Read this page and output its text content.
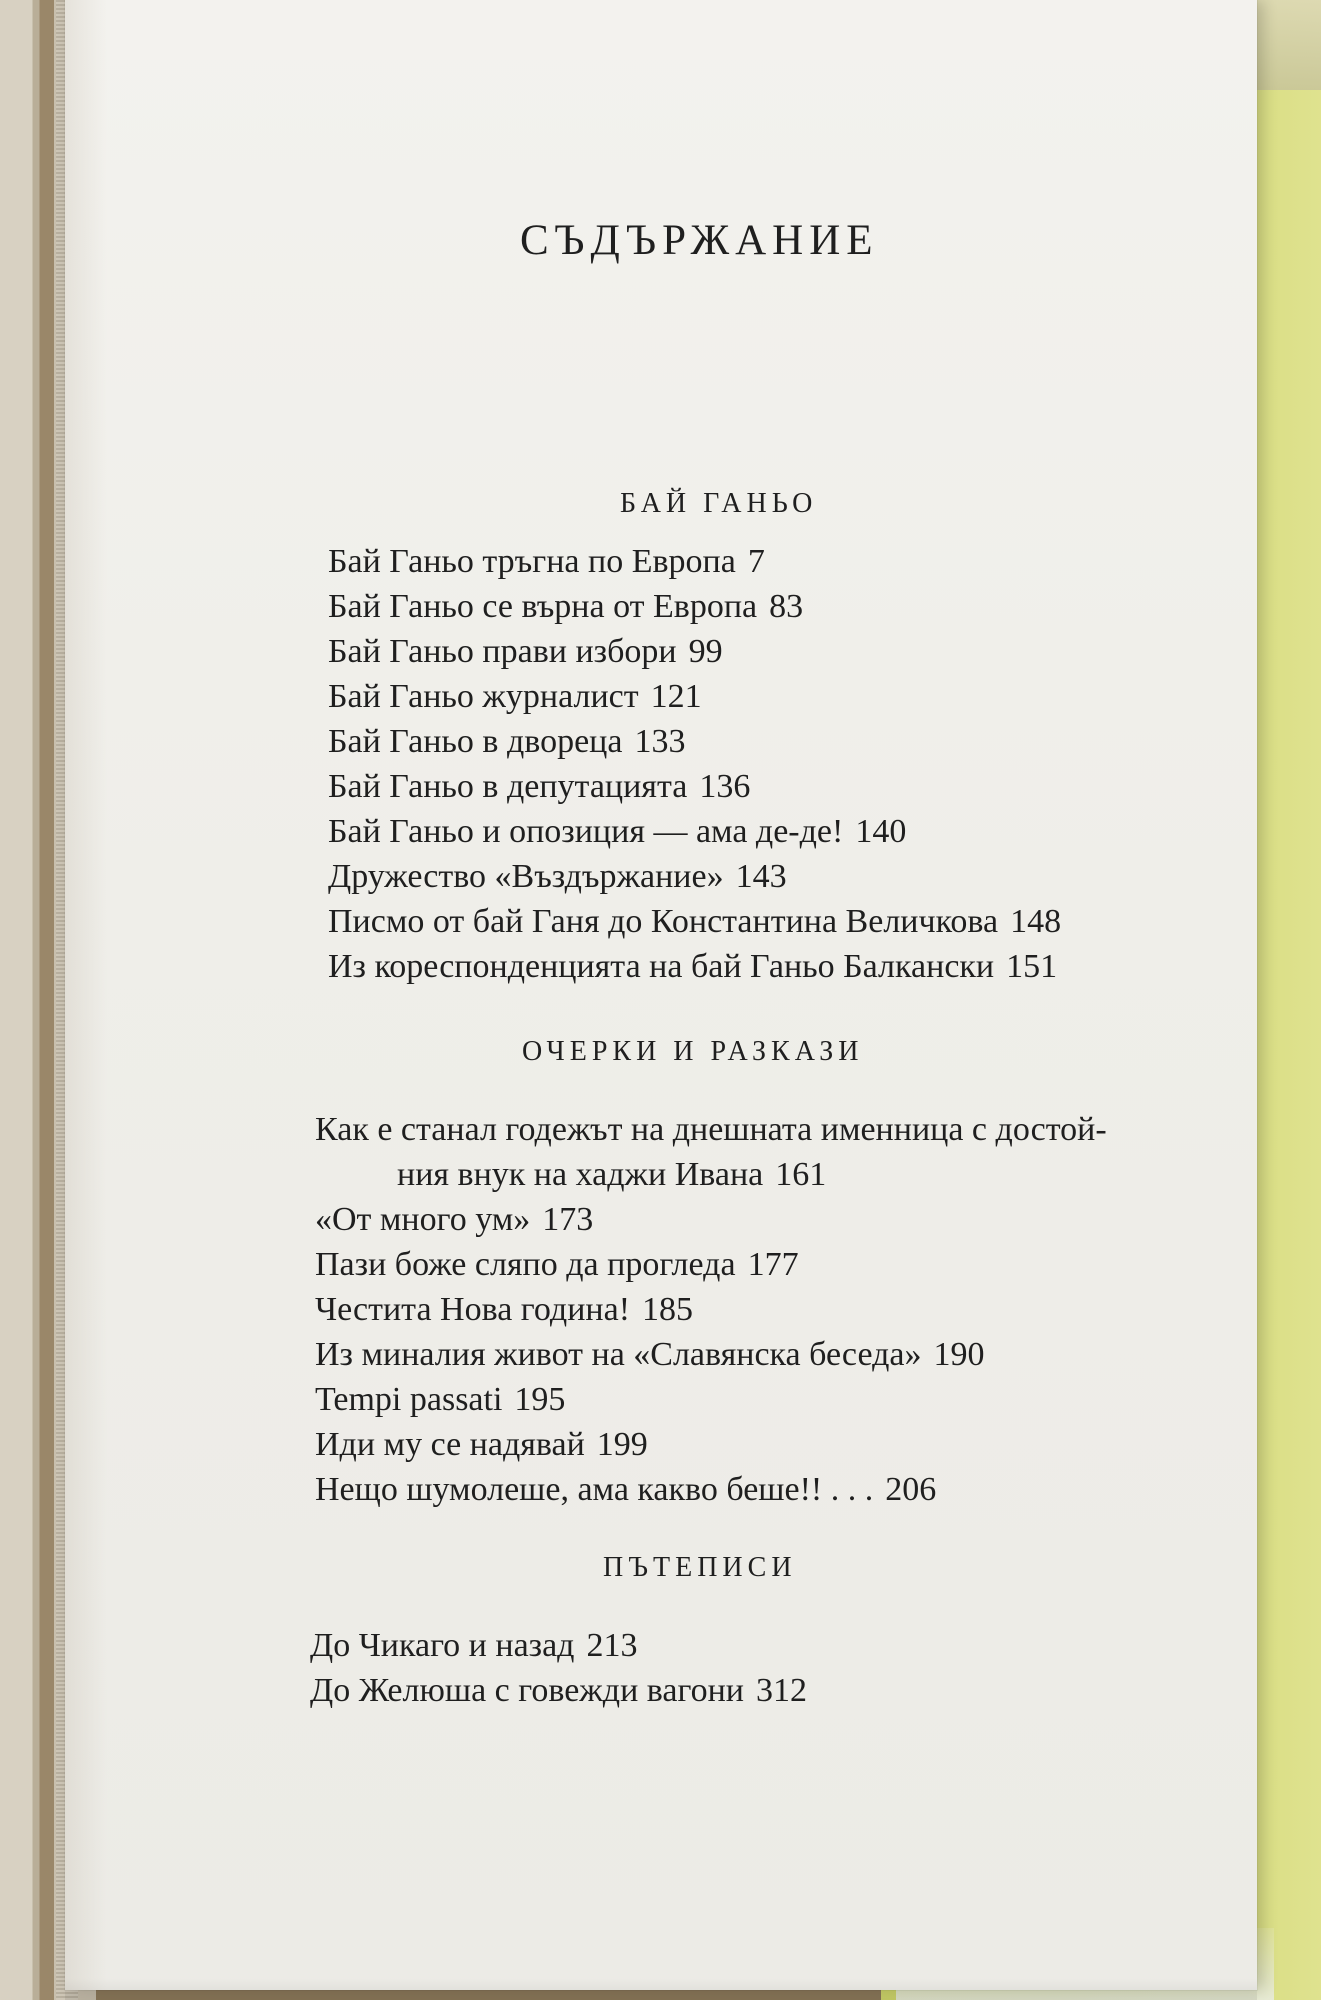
СЪДЪРЖАНИЕ
БАЙ ГАНЬО
Бай Ганьо тръгна по Европа 7
Бай Ганьо се върна от Европа 83
Бай Ганьо прави избори 99
Бай Ганьо журналист 121
Бай Ганьо в двореца 133
Бай Ганьо в депутацията 136
Бай Ганьо и опозиция — ама де-де! 140
Дружество «Въздържание» 143
Писмо от бай Ганя до Константина Величкова 148
Из кореспонденцията на бай Ганьо Балкански 151
ОЧЕРКИ И РАЗКАЗИ
Как е станал годежът на днешната именница с достой-
ния внук на хаджи Ивана 161
«От много ум» 173
Пази боже сляпо да прогледа 177
Честита Нова година! 185
Из миналия живот на «Славянска беседа» 190
Tempi passati 195
Иди му се надявай 199
Нещо шумолеше, ама какво беше!! . . . 206
ПЪТЕПИСИ
До Чикаго и назад 213
До Желюша с говежди вагони 312
